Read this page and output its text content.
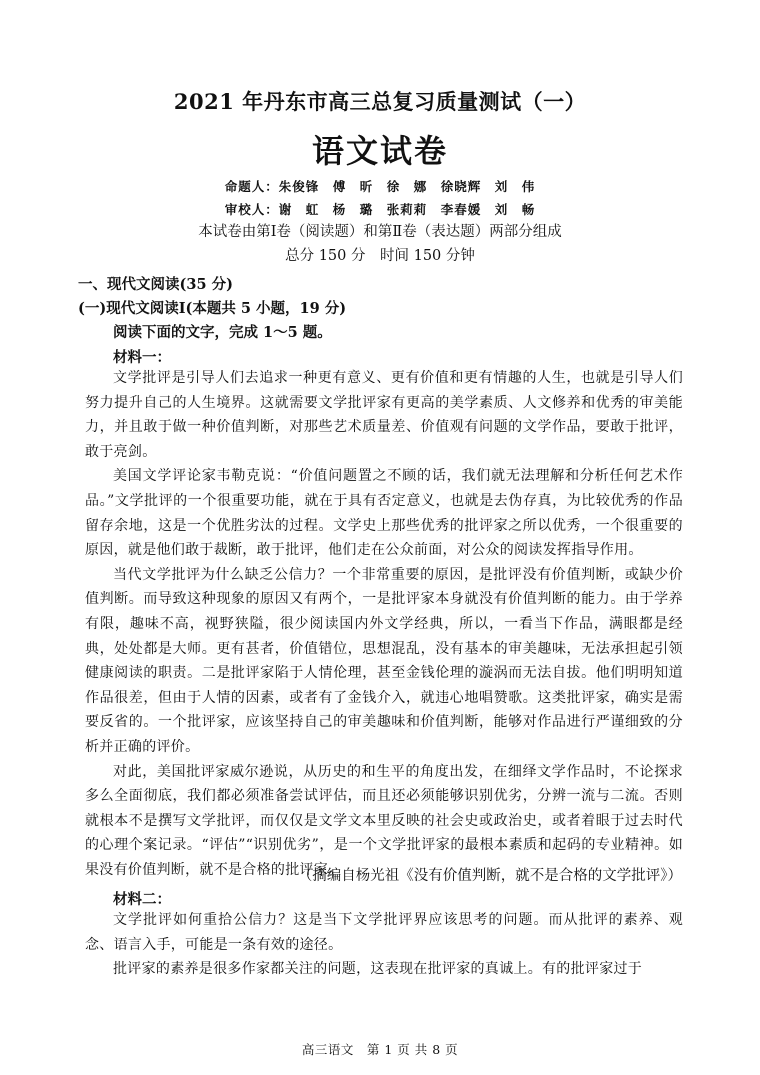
2021 年丹东市高三总复习质量测试（一）
语文试卷
命题人：朱俊锋　傅　昕　徐　娜　徐晓辉　刘　伟
审校人：谢　虹　杨　璐　张莉莉　李春媛　刘　畅
本试卷由第Ⅰ卷（阅读题）和第Ⅱ卷（表达题）两部分组成
总分 150 分　时间 150 分钟
一、现代文阅读(35 分)
(一)现代文阅读Ⅰ(本题共 5 小题，19 分)
阅读下面的文字，完成 1～5 题。
材料一：

文学批评是引导人们去追求一种更有意义、更有价值和更有情趣的人生，也就是引导人们努力提升自己的人生境界。这就需要文学批评家有更高的美学素质、人文修养和优秀的审美能力，并且敢于做一种价值判断，对那些艺术质量差、价值观有问题的文学作品，要敢于批评，敢于亮剑。

美国文学评论家韦勒克说：“价值问题置之不顾的话，我们就无法理解和分析任何艺术作品。”文学批评的一个很重要功能，就在于具有否定意义，也就是去伪存真，为比较优秀的作品留存余地，这是一个优胜劣汰的过程。文学史上那些优秀的批评家之所以优秀，一个很重要的原因，就是他们敢于裁断，敢于批评，他们走在公众前面，对公众的阅读发挥指导作用。

当代文学批评为什么缺乏公信力？一个非常重要的原因，是批评没有价值判断，或缺少价值判断。而导致这种现象的原因又有两个，一是批评家本身就没有价值判断的能力。由于学养有限，趣味不高，视野狭隘，很少阅读国内外文学经典，所以，一看当下作品，满眼都是经典，处处都是大师。更有甚者，价值错位，思想混乱，没有基本的审美趣味，无法承担起引领健康阅读的职责。二是批评家陷于人情伦理，甚至金钱伦理的漩涡而无法自拔。他们明明知道作品很差，但由于人情的因素，或者有了金钱介入，就违心地唱赞歌。这类批评家，确实是需要反省的。一个批评家，应该坚持自己的审美趣味和价值判断，能够对作品进行严谨细致的分析并正确的评价。

对此，美国批评家威尔逊说，从历史的和生平的角度出发，在细绎文学作品时，不论探求多么全面彻底，我们都必须准备尝试评估，而且还必须能够识别优劣，分辨一流与二流。否则就根本不是撰写文学批评，而仅仅是文学文本里反映的社会史或政治史，或者着眼于过去时代的心理个案记录。“评估”“识别优劣”，是一个文学批评家的最根本素质和起码的专业精神。如果没有价值判断，就不是合格的批评家。

（摘编自杨光祖《没有价值判断，就不是合格的文学批评》）
材料二：

文学批评如何重拾公信力？这是当下文学批评界应该思考的问题。而从批评的素养、观念、语言入手，可能是一条有效的途径。

批评家的素养是很多作家都关注的问题，这表现在批评家的真诚上。有的批评家过于

高三语文　第 1 页 共 8 页
